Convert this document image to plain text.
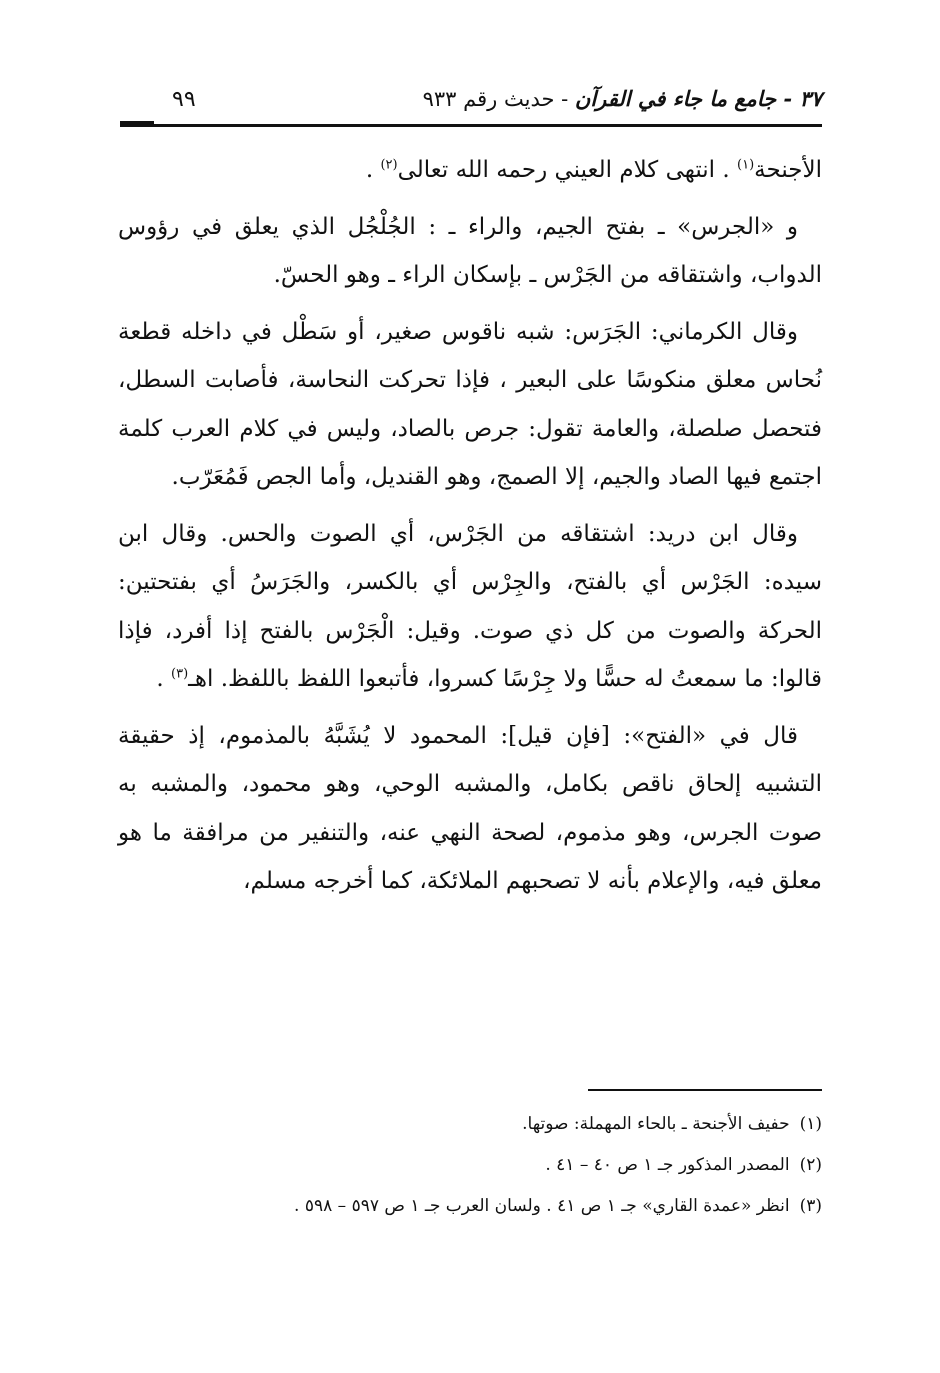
٣٧ - جامع ما جاء في القرآن - حديث رقم ٩٣٣
٩٩

الأجنحة$^{(١)}$ . انتهى كلام العيني رحمه الله تعالى$^{(٢)}$ .

و «الجرس» ـ بفتح الجيم، والراء ـ : الجُلْجُل الذي يعلق في رؤوس الدواب، واشتقاقه من الجَرْس ـ بإسكان الراء ـ وهو الحسّ.

وقال الكرماني: الجَرَس: شبه ناقوس صغير، أو سَطْل في داخله قطعة نُحاس معلق منكوسًا على البعير ، فإذا تحركت النحاسة، فأصابت السطل، فتحصل صلصلة، والعامة تقول: جرص بالصاد، وليس في كلام العرب كلمة اجتمع فيها الصاد والجيم، إلا الصمج، وهو القنديل، وأما الجص فَمُعَرّب.

وقال ابن دريد: اشتقاقه من الجَرْس، أي الصوت والحس. وقال ابن سيده: الجَرْس أي بالفتح، والجِرْس أي بالكسر، والجَرَسُ أي بفتحتين: الحركة والصوت من كل ذي صوت. وقيل: الْجَرْس بالفتح إذا أفرد، فإذا قالوا: ما سمعتُ له حسًّا ولا جِرْسًا كسروا، فأتبعوا اللفظ باللفظ. اهـ$^{(٣)}$ .

قال في «الفتح»: [فإن قيل]: المحمود لا يُشَبَّهُ بالمذموم، إذ حقيقة التشبيه إلحاق ناقص بكامل، والمشبه الوحي، وهو محمود، والمشبه به صوت الجرس، وهو مذموم، لصحة النهي عنه، والتنفير من مرافقة ما هو معلق فيه، والإعلام بأنه لا تصحبهم الملائكة، كما أخرجه مسلم،

(١)حفيف الأجنحة ـ بالحاء المهملة: صوتها.

(٢)المصدر المذكور جـ ١ ص ٤٠ – ٤١ .

(٣)انظر «عمدة القاري» جـ ١ ص ٤١ . ولسان العرب جـ ١ ص ٥٩٧ – ٥٩٨ .
